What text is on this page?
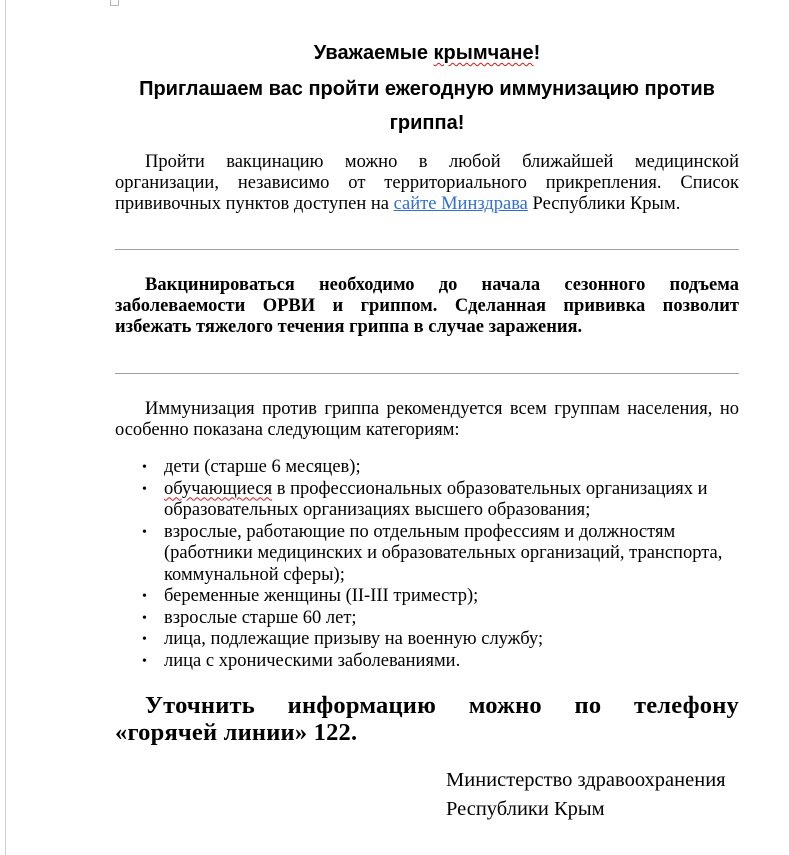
Уважаемые крымчане!

Приглашаем вас пройти ежегодную иммунизацию против гриппа!

Пройти вакцинацию можно в любой ближайшей медицинской организации, независимо от территориального прикрепления. Список прививочных пунктов доступен на сайте Минздрава Республики Крым.

Вакцинироваться необходимо до начала сезонного подъема заболеваемости ОРВИ и гриппом. Сделанная прививка позволит избежать тяжелого течения гриппа в случае заражения.

Иммунизация против гриппа рекомендуется всем группам населения, но особенно показана следующим категориям:

• дети (старше 6 месяцев);
• обучающиеся в профессиональных образовательных организациях и образовательных организациях высшего образования;
• взрослые, работающие по отдельным профессиям и должностям (работники медицинских и образовательных организаций, транспорта, коммунальной сферы);
• беременные женщины (II-III триместр);
• взрослые старше 60 лет;
• лица, подлежащие призыву на военную службу;
• лица с хроническими заболеваниями.

Уточнить информацию можно по телефону «горячей линии» 122.

Министерство здравоохранения
Республики Крым
